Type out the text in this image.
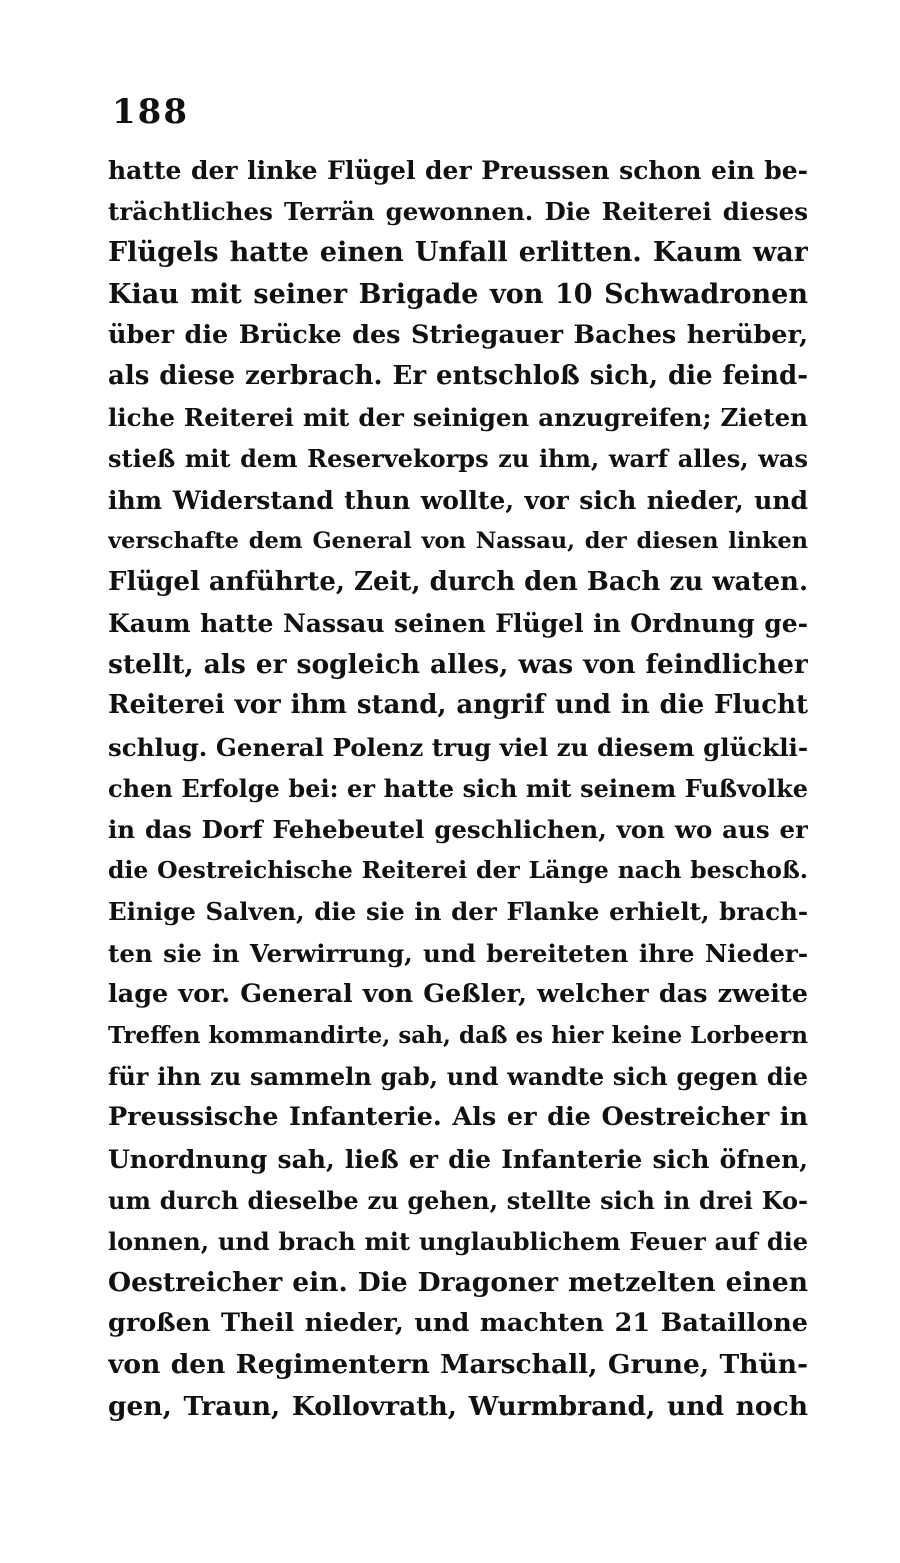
188
hatte der linke Flügel der Preussen schon ein be-
trächtliches Terrän gewonnen. Die Reiterei dieses
Flügels hatte einen Unfall erlitten. Kaum war
Kiau mit seiner Brigade von 10 Schwadronen
über die Brücke des Striegauer Baches herüber,
als diese zerbrach. Er entschloß sich, die feind-
liche Reiterei mit der seinigen anzugreifen; Zieten
stieß mit dem Reservekorps zu ihm, warf alles, was
ihm Widerstand thun wollte, vor sich nieder, und
verschafte dem General von Nassau, der diesen linken
Flügel anführte, Zeit, durch den Bach zu waten.
Kaum hatte Nassau seinen Flügel in Ordnung ge-
stellt, als er sogleich alles, was von feindlicher
Reiterei vor ihm stand, angrif und in die Flucht
schlug. General Polenz trug viel zu diesem glückli-
chen Erfolge bei: er hatte sich mit seinem Fußvolke
in das Dorf Fehebeutel geschlichen, von wo aus er
die Oestreichische Reiterei der Länge nach beschoß.
Einige Salven, die sie in der Flanke erhielt, brach-
ten sie in Verwirrung, und bereiteten ihre Nieder-
lage vor. General von Geßler, welcher das zweite
Treffen kommandirte, sah, daß es hier keine Lorbeern
für ihn zu sammeln gab, und wandte sich gegen die
Preussische Infanterie. Als er die Oestreicher in
Unordnung sah, ließ er die Infanterie sich öfnen,
um durch dieselbe zu gehen, stellte sich in drei Ko-
lonnen, und brach mit unglaublichem Feuer auf die
Oestreicher ein. Die Dragoner metzelten einen
großen Theil nieder, und machten 21 Bataillone
von den Regimentern Marschall, Grune, Thün-
gen, Traun, Kollovrath, Wurmbrand, und noch
